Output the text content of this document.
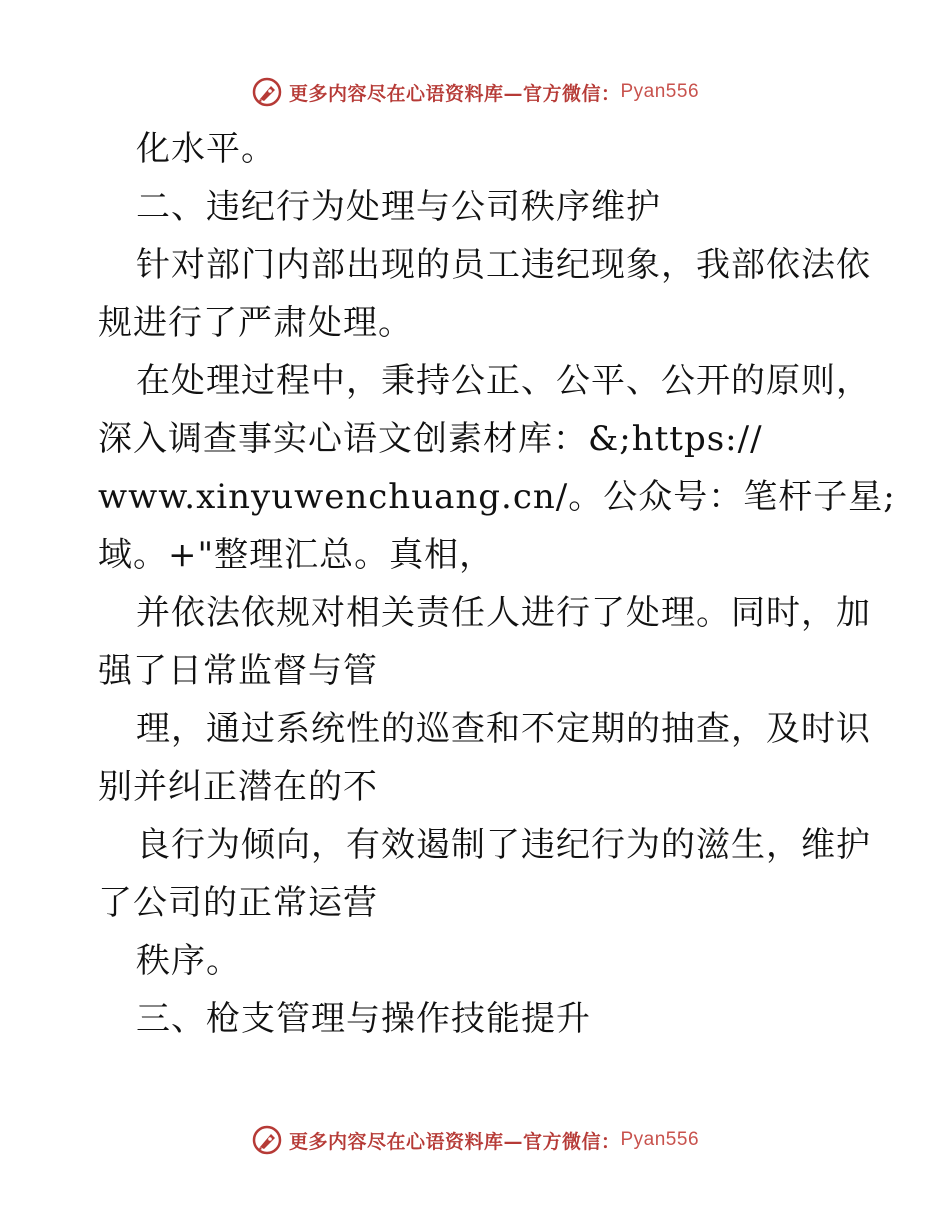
更多内容尽在心语资料库—官方微信： Pyan556
化水平。
二、违纪行为处理与公司秩序维护
针对部门内部出现的员工违纪现象，我部依法依
规进行了严肃处理。
在处理过程中，秉持公正、公平、公开的原则，
深入调查事实心语文创素材库：&;https://
www.xinyuwenchuang.cn/。公众号：笔杆子星;
域。+"整理汇总。真相，
并依法依规对相关责任人进行了处理。同时，加
强了日常监督与管
理，通过系统性的巡查和不定期的抽查，及时识
别并纠正潜在的不
良行为倾向，有效遏制了违纪行为的滋生，维护
了公司的正常运营
秩序。
三、枪支管理与操作技能提升
更多内容尽在心语资料库—官方微信： Pyan556
